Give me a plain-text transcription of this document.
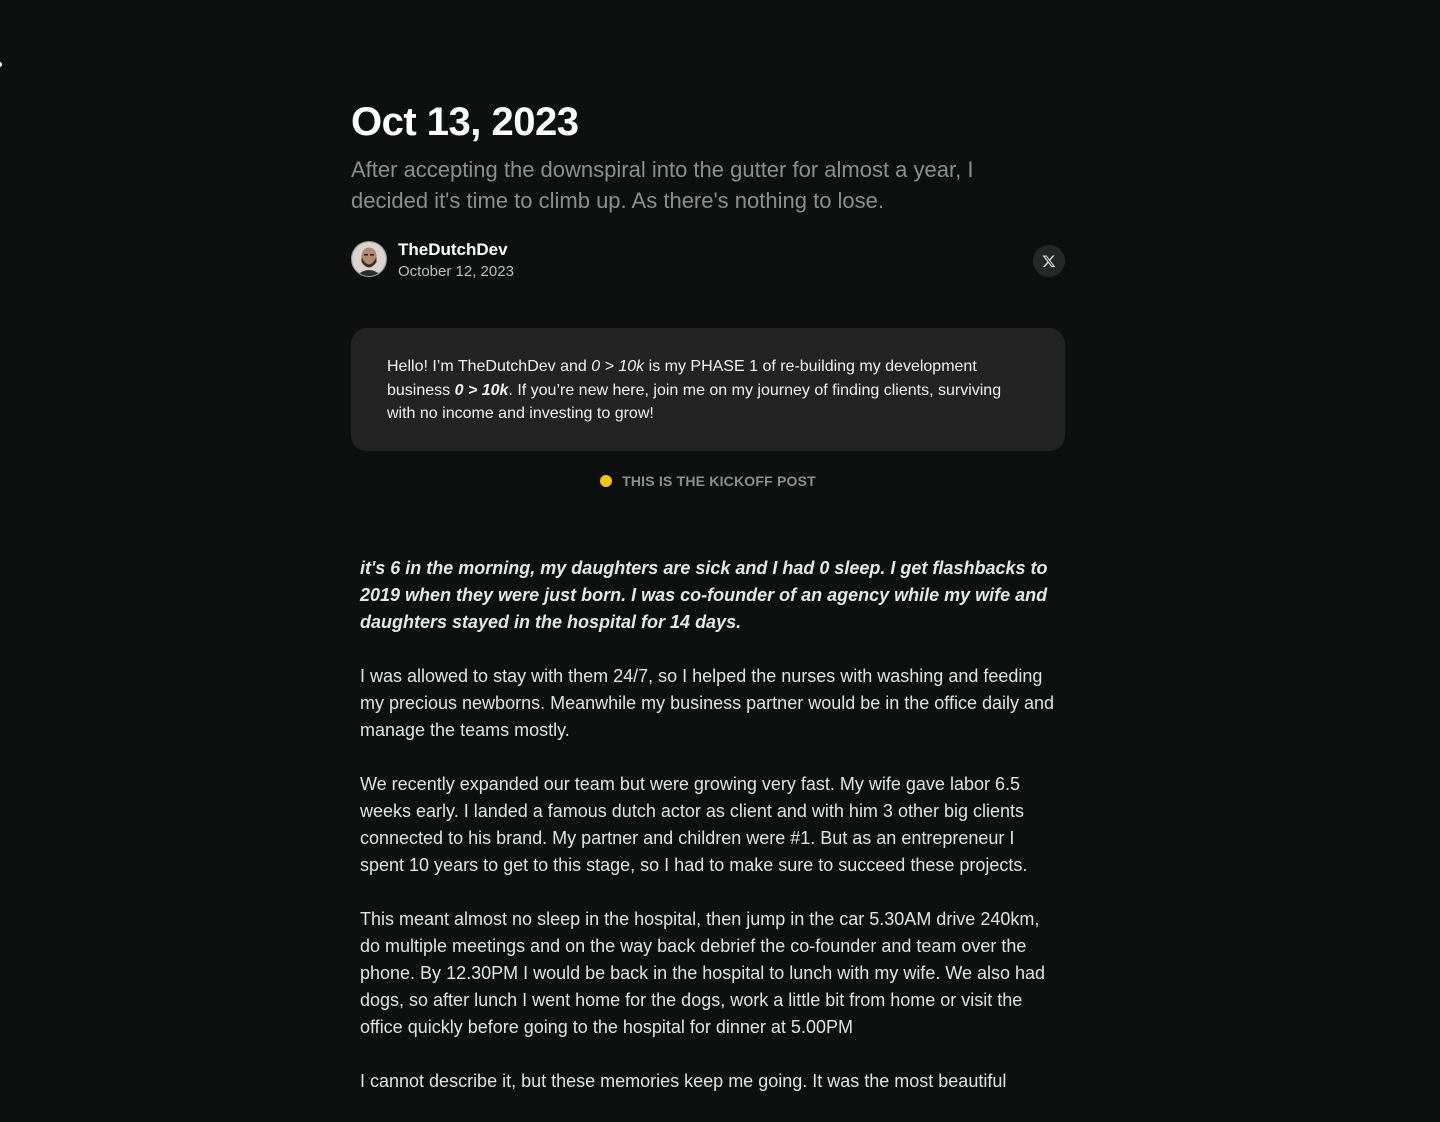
Oct 13, 2023

After accepting the downspiral into the gutter for almost a year, I decided it's time to climb up. As there's nothing to lose.

TheDutchDev
October 12, 2023
Hello! I’m TheDutchDev and 0 > 10k is my PHASE 1 of re-building my development business 0 > 10k. If you’re new here, join me on my journey of finding clients, surviving with no income and investing to grow!
THIS IS THE KICKOFF POST

it's 6 in the morning, my daughters are sick and I had 0 sleep. I get flashbacks to 2019 when they were just born. I was co-founder of an agency while my wife and daughters stayed in the hospital for 14 days.

I was allowed to stay with them 24/7, so I helped the nurses with washing and feeding my precious newborns. Meanwhile my business partner would be in the office daily and manage the teams mostly.

We recently expanded our team but were growing very fast. My wife gave labor 6.5 weeks early. I landed a famous dutch actor as client and with him 3 other big clients connected to his brand. My partner and children were #1. But as an entrepreneur I spent 10 years to get to this stage, so I had to make sure to succeed these projects.

This meant almost no sleep in the hospital, then jump in the car 5.30AM drive 240km, do multiple meetings and on the way back debrief the co-founder and team over the phone. By 12.30PM I would be back in the hospital to lunch with my wife. We also had dogs, so after lunch I went home for the dogs, work a little bit from home or visit the office quickly before going to the hospital for dinner at 5.00PM

I cannot describe it, but these memories keep me going. It was the most beautiful
